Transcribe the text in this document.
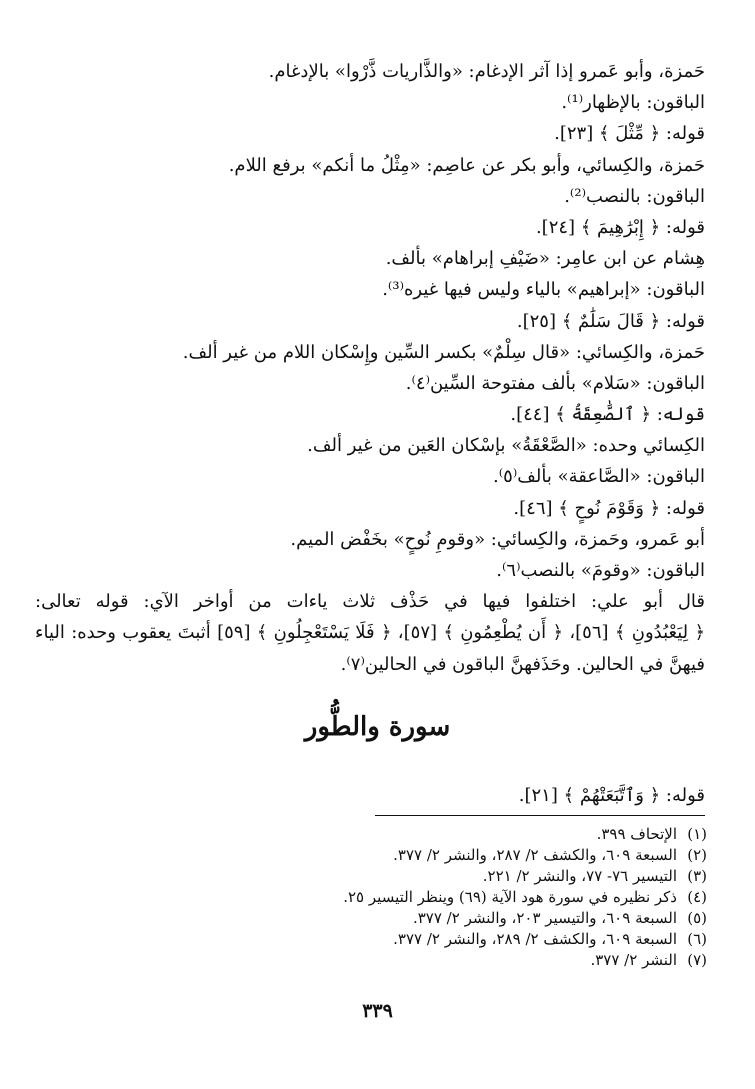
حَمزة، وأبو عَمرو إذا آثر الإدغام: «والذَّاريات ذَّرْوا» بالإدغام.
الباقون: بالإظهار⁽¹⁾.
قوله: ﴿ مِّثْلَ ﴾ [٢٣].
حَمزة، والكِسائي، وأبو بكر عن عاصِم: «مِثْلُ ما أنكم» برفع اللام.
الباقون: بالنصب⁽²⁾.
قوله: ﴿ إِبْرَٰهِيمَ ﴾ [٢٤].
هِشام عن ابن عامِر: «ضَيْفِ إبراهام» بألف.
الباقون: «إبراهيم» بالياء وليس فيها غيره⁽³⁾.
قوله: ﴿ قَالَ سَلَٰمٌ ﴾ [٢٥].
حَمزة، والكِسائي: «قال سِلْمٌ» بكسر السِّين وإِسْكان اللام من غير ألف.
الباقون: «سَلام» بألف مفتوحة السِّين⁽٤⁾.
قوله: ﴿ ٱلصَّٰعِقَةُ ﴾ [٤٤].
الكِسائي وحده: «الصَّعْقَةُ» بإسْكان العَين من غير ألف.
الباقون: «الصَّاعقة» بألف⁽٥⁾.
قوله: ﴿ وَقَوْمَ نُوحٍ ﴾ [٤٦].
أبو عَمرو، وحَمزة، والكِسائي: «وقومِ نُوحٍ» بخَفْض الميم.
الباقون: «وقومَ» بالنصب⁽٦⁾.
قال أبو علي: اختلفوا فيها في حَذْف ثلاث ياءات من أواخر الآي: قوله تعالى:
﴿ لِيَعْبُدُونِ ﴾ [٥٦]، ﴿ أَن يُطْعِمُونِ ﴾ [٥٧]، ﴿ فَلَا يَسْتَعْجِلُونِ ﴾ [٥٩] أثبتَ يعقوب وحده: الياء
فيهنَّ في الحالين. وحَذَفهنَّ الباقون في الحالين⁽٧⁾.
سورة والطُّور
قوله: ﴿ وَٱتَّبَعَتْهُمْ ﴾ [٢١].
(١)
الإتحاف ٣٩٩.
(٢)
السبعة ٦٠٩، والكشف ٢/ ٢٨٧، والنشر ٢/ ٣٧٧.
(٣)
التيسير ٧٦- ٧٧، والنشر ٢/ ٢٢١.
(٤)
ذكر نظيره في سورة هود الآية (٦٩) وينظر التيسير ٢٥.
(٥)
السبعة ٦٠٩، والتيسير ٢٠٣، والنشر ٢/ ٣٧٧.
(٦)
السبعة ٦٠٩، والكشف ٢/ ٢٨٩، والنشر ٢/ ٣٧٧.
(٧)
النشر ٢/ ٣٧٧.
٣٣٩
